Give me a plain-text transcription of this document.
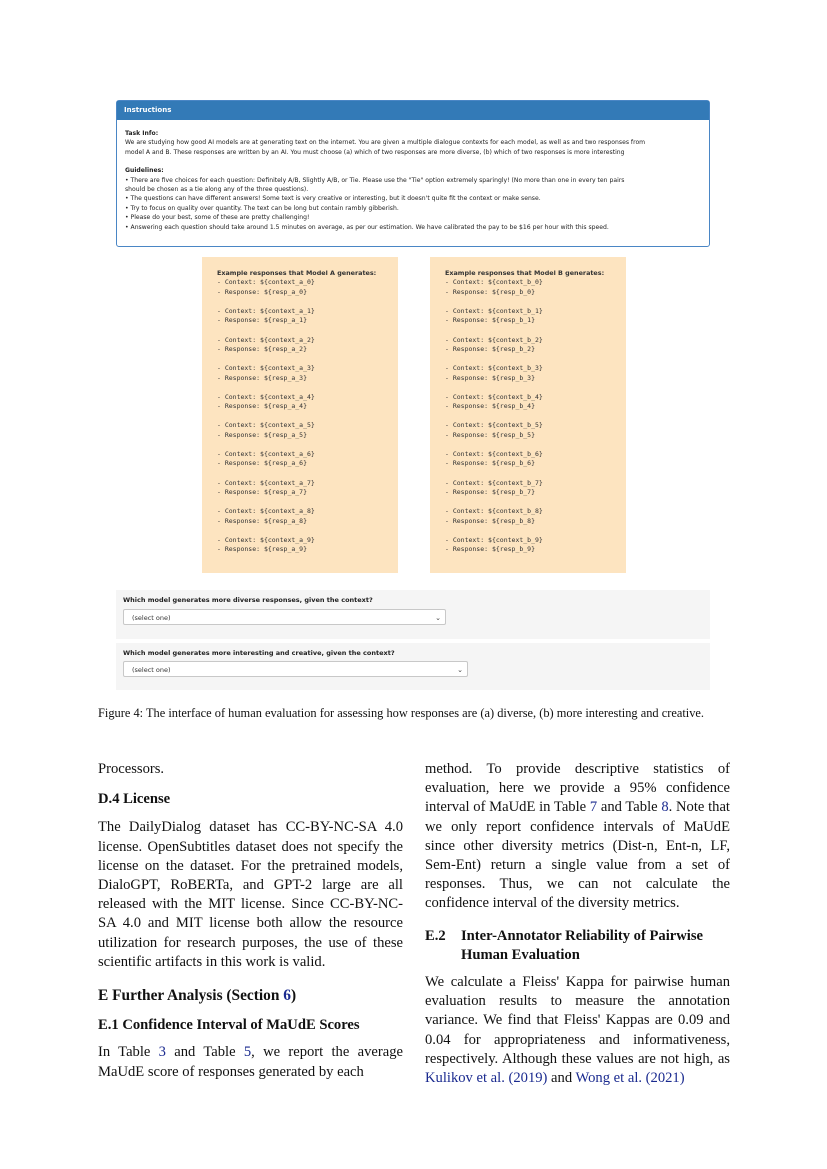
Instructions
Task Info:
We are studying how good AI models are at generating text on the internet. You are given a multiple dialogue contexts for each model, as well as and two responses from
model A and B. These responses are written by an AI. You must choose (a) which of two responses are more diverse, (b) which of two responses is more interesting
Guidelines:
• There are five choices for each question: Definitely A/B, Slightly A/B, or Tie. Please use the "Tie" option extremely sparingly! (No more than one in every ten pairs
should be chosen as a tie along any of the three questions).
• The questions can have different answers! Some text is very creative or interesting, but it doesn't quite fit the context or make sense.
• Try to focus on quality over quantity. The text can be long but contain rambly gibberish.
• Please do your best, some of these are pretty challenging!
• Answering each question should take around 1.5 minutes on average, as per our estimation. We have calibrated the pay to be $16 per hour with this speed.
Example responses that Model A generates:
- Context: ${context_a_0}
- Response: ${resp_a_0}
- Context: ${context_a_1}
- Response: ${resp_a_1}
- Context: ${context_a_2}
- Response: ${resp_a_2}
- Context: ${context_a_3}
- Response: ${resp_a_3}
- Context: ${context_a_4}
- Response: ${resp_a_4}
- Context: ${context_a_5}
- Response: ${resp_a_5}
- Context: ${context_a_6}
- Response: ${resp_a_6}
- Context: ${context_a_7}
- Response: ${resp_a_7}
- Context: ${context_a_8}
- Response: ${resp_a_8}
- Context: ${context_a_9}
- Response: ${resp_a_9}
Example responses that Model B generates:
- Context: ${context_b_0}
- Response: ${resp_b_0}
- Context: ${context_b_1}
- Response: ${resp_b_1}
- Context: ${context_b_2}
- Response: ${resp_b_2}
- Context: ${context_b_3}
- Response: ${resp_b_3}
- Context: ${context_b_4}
- Response: ${resp_b_4}
- Context: ${context_b_5}
- Response: ${resp_b_5}
- Context: ${context_b_6}
- Response: ${resp_b_6}
- Context: ${context_b_7}
- Response: ${resp_b_7}
- Context: ${context_b_8}
- Response: ${resp_b_8}
- Context: ${context_b_9}
- Response: ${resp_b_9}
Which model generates more diverse responses, given the context?
(select one)	⌄
Which model generates more interesting and creative, given the context?
(select one)	⌄
Figure 4: The interface of human evaluation for assessing how responses are (a) diverse, (b) more interesting and creative.

Processors.

D.4 License

The DailyDialog dataset has CC-BY-NC-SA 4.0 license. OpenSubtitles dataset does not specify the license on the dataset. For the pretrained models, DialoGPT, RoBERTa, and GPT-2 large are all released with the MIT license. Since CC-BY-NC-SA 4.0 and MIT license both allow the resource utilization for research purposes, the use of these scientific artifacts in this work is valid.

E Further Analysis (Section 6)

E.1 Confidence Interval of MaUdE Scores

In Table 3 and Table 5, we report the average MaUdE score of responses generated by each

method. To provide descriptive statistics of evaluation, here we provide a 95% confidence interval of MaUdE in Table 7 and Table 8. Note that we only report confidence intervals of MaUdE since other diversity metrics (Dist-n, Ent-n, LF, Sem-Ent) return a single value from a set of responses. Thus, we can not calculate the confidence interval of the diversity metrics.

E.2	Inter-Annotator Reliability of Pairwise
Human Evaluation

We calculate a Fleiss' Kappa for pairwise human evaluation results to measure the annotation variance. We find that Fleiss' Kappas are 0.09 and 0.04 for appropriateness and informativeness, respectively. Although these values are not high, as Kulikov et al. (2019) and Wong et al. (2021)
